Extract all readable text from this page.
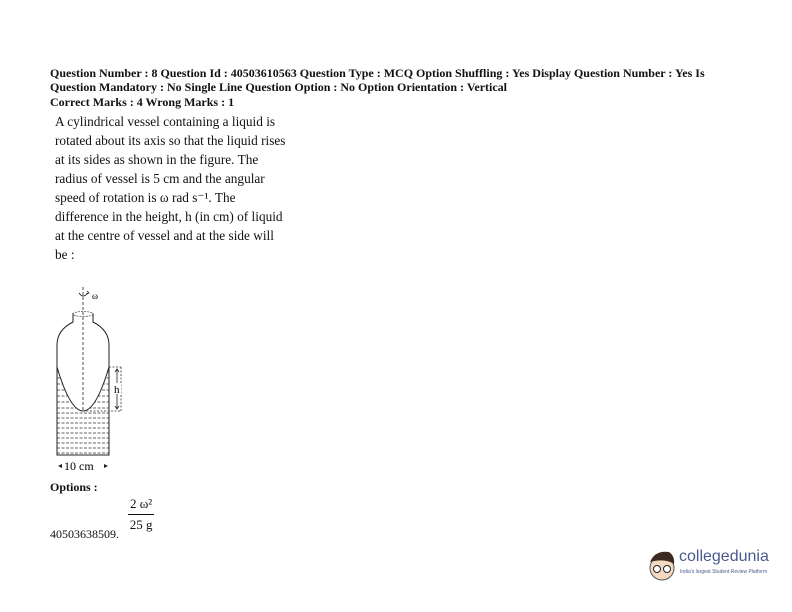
Question Number : 8 Question Id : 40503610563 Question Type : MCQ Option Shuffling : Yes Display Question Number : Yes Is
Question Mandatory : No Single Line Question Option : No Option Orientation : Vertical
Correct Marks : 4 Wrong Marks : 1
A cylindrical vessel containing a liquid is
rotated about its axis so that the liquid rises
at its sides as shown in the figure. The
radius of vessel is 5 cm and the angular
speed of rotation is ω rad s⁻¹. The
difference in the height, h (in cm) of liquid
at the centre of vessel and at the side will
be :
ω
h
10 cm
Options :
$\frac{\text{2 ω²}}{25 g}$
40503638509.
collegedunia
India's largest Student Review Platform
